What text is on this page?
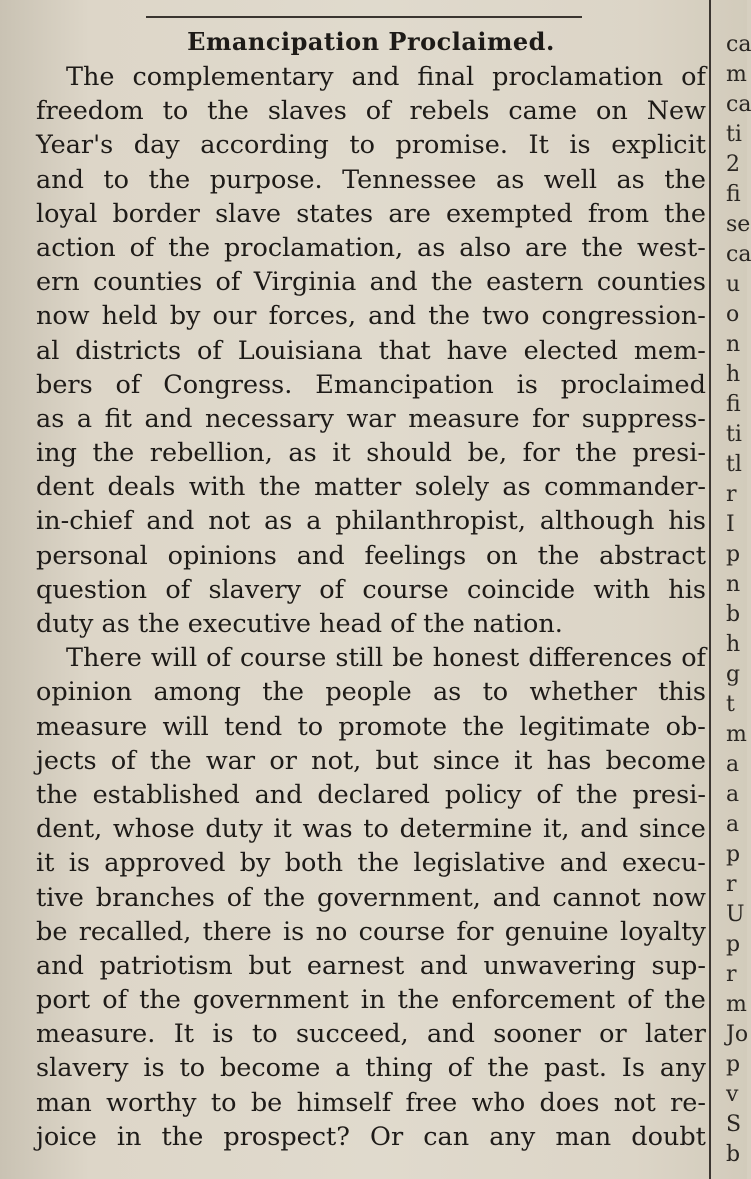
Emancipation Proclaimed.
The complementary and final proclamation of
freedom to the slaves of rebels came on New
Year's day according to promise. It is explicit
and to the purpose. Tennessee as well as the
loyal border slave states are exempted from the
action of the proclamation, as also are the west-
ern counties of Virginia and the eastern counties
now held by our forces, and the two congression-
al districts of Louisiana that have elected mem-
bers of Congress. Emancipation is proclaimed
as a fit and necessary war measure for suppress-
ing the rebellion, as it should be, for the presi-
dent deals with the matter solely as commander-
in-chief and not as a philanthropist, although his
personal opinions and feelings on the abstract
question of slavery of course coincide with his
duty as the executive head of the nation.
There will of course still be honest differences of
opinion among the people as to whether this
measure will tend to promote the legitimate ob-
jects of the war or not, but since it has become
the established and declared policy of the presi-
dent, whose duty it was to determine it, and since
it is approved by both the legislative and execu-
tive branches of the government, and cannot now
be recalled, there is no course for genuine loyalty
and patriotism but earnest and unwavering sup-
port of the government in the enforcement of the
measure. It is to succeed, and sooner or later
slavery is to become a thing of the past. Is any
man worthy to be himself free who does not re-
joice in the prospect? Or can any man doubt
ca
m
ca
ti
2
fi
se
ca
u
o
n
h
fi
ti
tl
r
I
p
n
b
h
g
t
m
a
a
a
p
r
U
p
r
m
Jo
p
v
S
b
